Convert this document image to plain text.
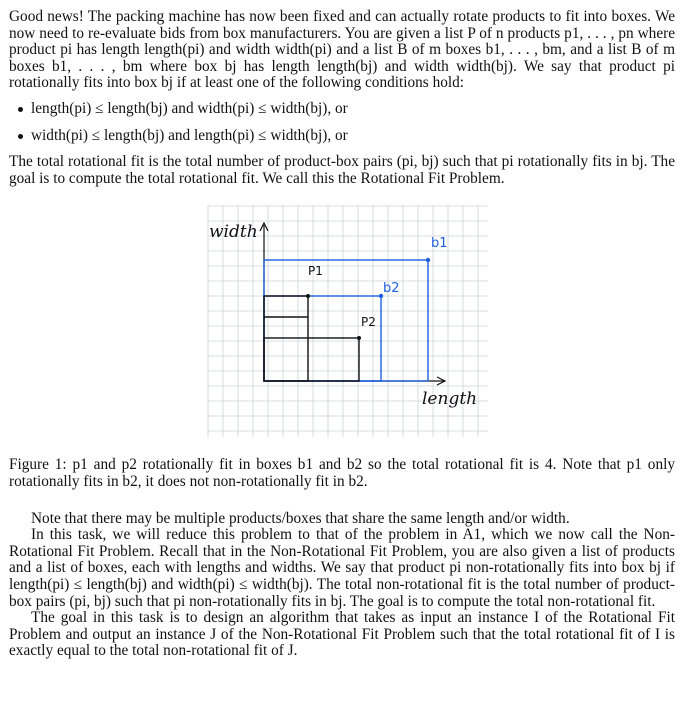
Good news! The packing machine has now been fixed and can actually rotate products to fit into boxes. We now need to re-evaluate bids from box manufacturers. You are given a list P of n products p1, . . . , pn where product pi has length length(pi) and width width(pi) and a list B of m boxes b1, . . . , bm, and a list B of m boxes b1, . . . , bm where box bj has length length(bj) and width width(bj). We say that product pi rotationally fits into box bj if at least one of the following conditions hold:

length(pi) ≤ length(bj) and width(pi) ≤ width(bj), or
width(pi) ≤ length(bj) and length(pi) ≤ width(bj), or

The total rotational fit is the total number of product-box pairs (pi, bj) such that pi rotationally fits in bj. The goal is to compute the total rotational fit. We call this the Rotational Fit Problem.

width
length
b1
b2
P1
P2

Figure 1: p1 and p2 rotationally fit in boxes b1 and b2 so the total rotational fit is 4. Note that p1 only rotationally fits in b2, it does not non-rotationally fit in b2.

Note that there may be multiple products/boxes that share the same length and/or width.

In this task, we will reduce this problem to that of the problem in A1, which we now call the Non-Rotational Fit Problem. Recall that in the Non-Rotational Fit Problem, you are also given a list of products and a list of boxes, each with lengths and widths. We say that product pi non-rotationally fits into box bj if length(pi) ≤ length(bj) and width(pi) ≤ width(bj). The total non-rotational fit is the total number of product-box pairs (pi, bj) such that pi non-rotationally fits in bj. The goal is to compute the total non-rotational fit.

The goal in this task is to design an algorithm that takes as input an instance I of the Rotational Fit Problem and output an instance J of the Non-Rotational Fit Problem such that the total rotational fit of I is exactly equal to the total non-rotational fit of J.
